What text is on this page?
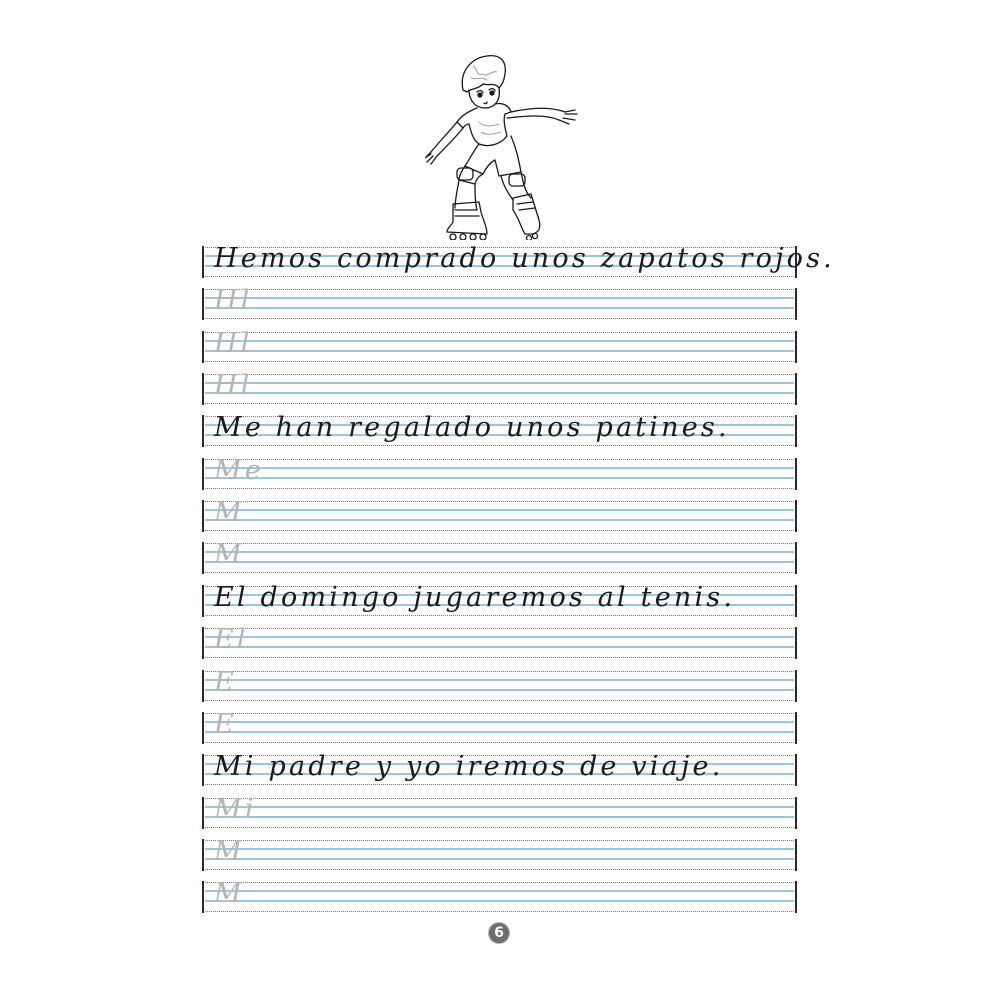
Hemos comprado unos zapatos rojos.
Hl
Hl
Hl
Me han regalado unos patines.
Me
M
M
El domingo jugaremos al tenis.
El
E
E
Mi padre y yo iremos de viaje.
Mi
M
M
6
